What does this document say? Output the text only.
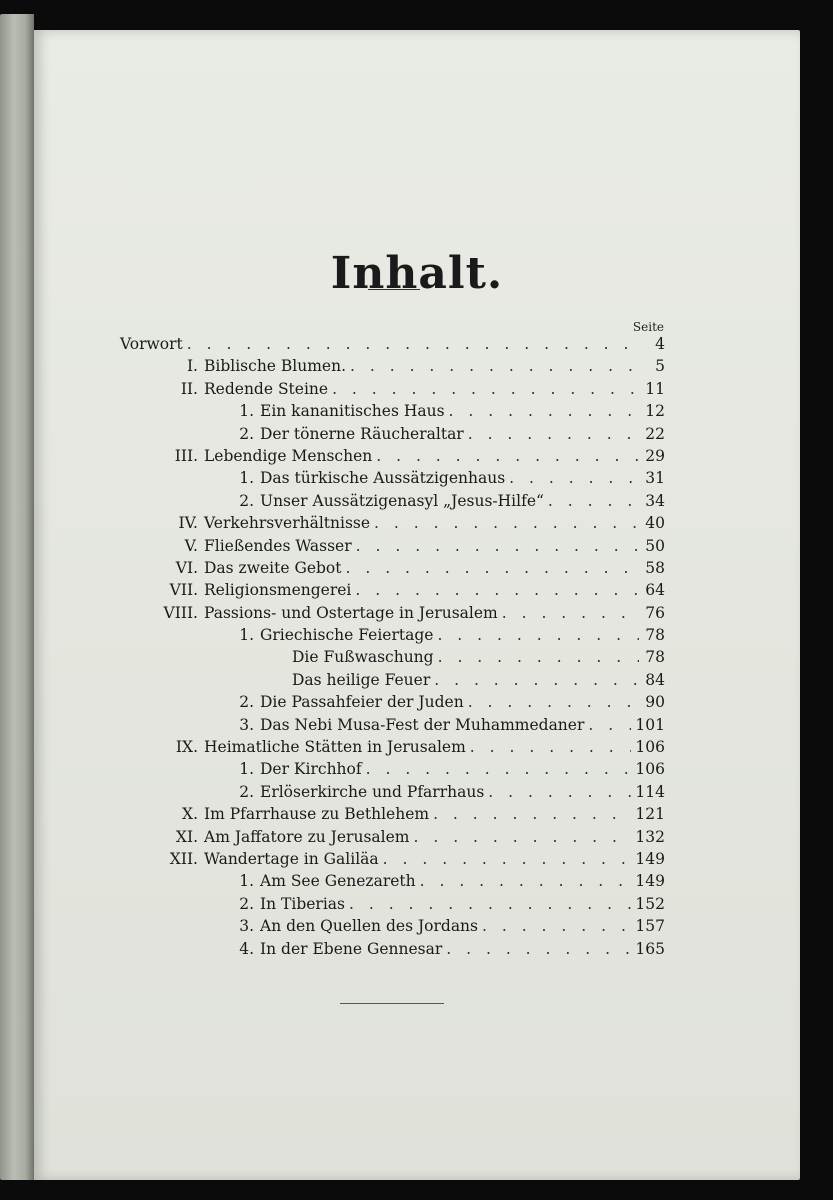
Inhalt.
Seite
Vorwort . . .	4
I. Biblische Blumen. . . .	5
II. Redende Steine . . .	11
1. Ein kananitisches Haus . . .	12
2. Der tönerne Räucheraltar . . .	22
III. Lebendige Menschen . . .	29
1. Das türkische Aussätzigenhaus . . .	31
2. Unser Aussätzigenasyl „Jesus-Hilfe“ . . .	34
IV. Verkehrsverhältnisse . . .	40
V. Fließendes Wasser . . .	50
VI. Das zweite Gebot . . .	58
VII. Religionsmengerei . . .	64
VIII. Passions- und Ostertage in Jerusalem . . .	76
1. Griechische Feiertage . . .	78
Die Fußwaschung . . .	78
Das heilige Feuer . . .	84
2. Die Passahfeier der Juden . . .	90
3. Das Nebi Musa-Fest der Muhammedaner . . .	101
IX. Heimatliche Stätten in Jerusalem . . .	106
1. Der Kirchhof . . .	106
2. Erlöserkirche und Pfarrhaus . . .	114
X. Im Pfarrhause zu Bethlehem . . .	121
XI. Am Jaffatore zu Jerusalem . . .	132
XII. Wandertage in Galiläa . . .	149
1. Am See Genezareth . . .	149
2. In Tiberias . . .	152
3. An den Quellen des Jordans . . .	157
4. In der Ebene Gennesar . . .	165
